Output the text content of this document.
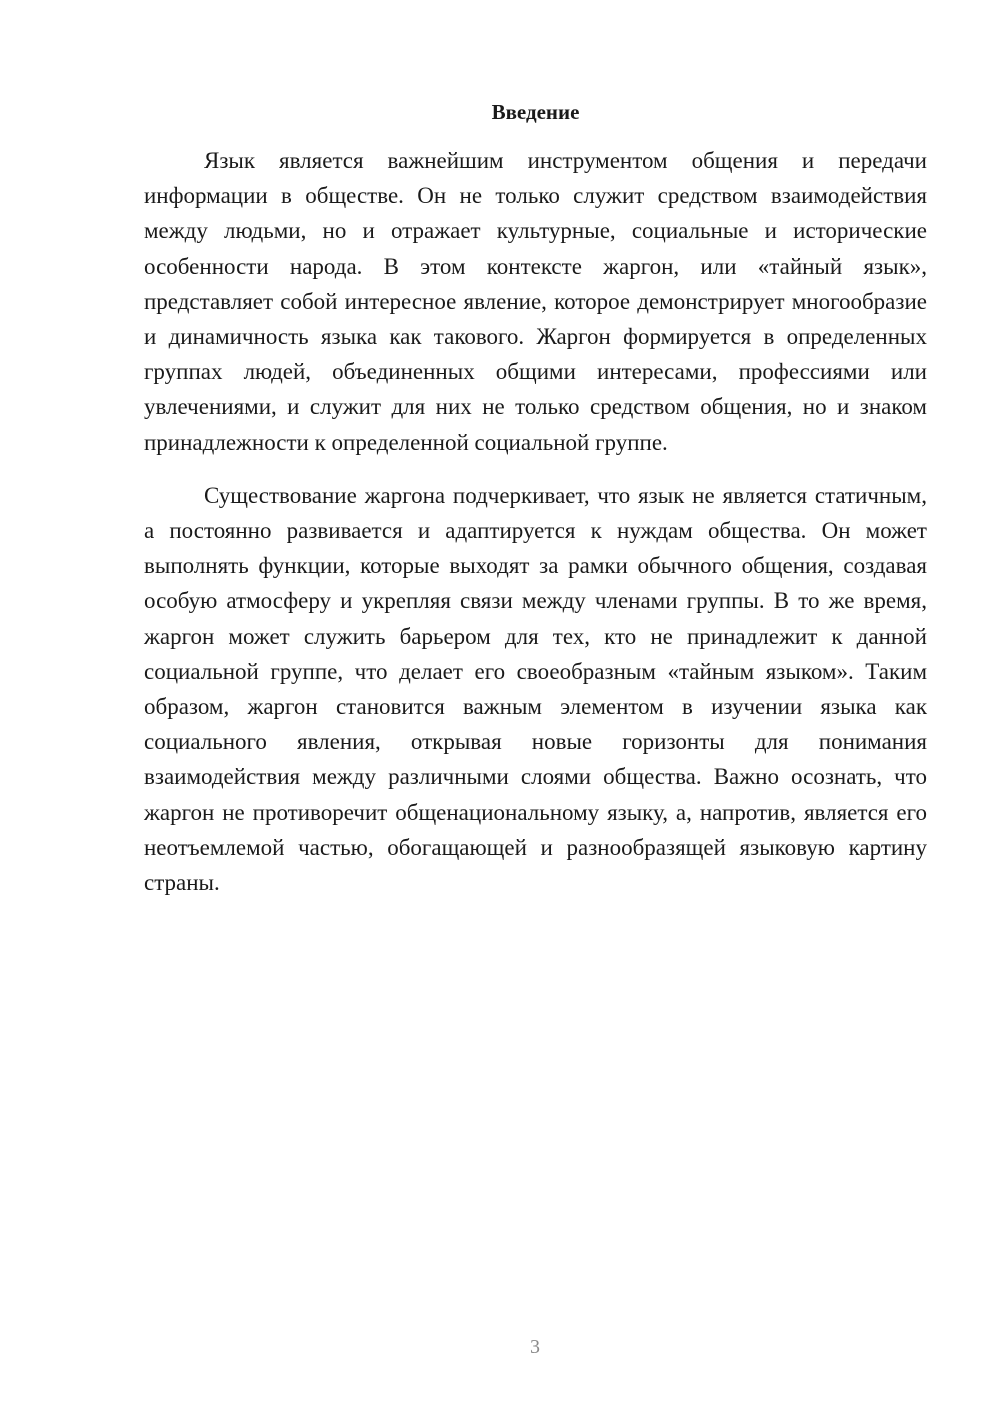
Введение

Язык является важнейшим инструментом общения и передачи информации в обществе. Он не только служит средством взаимодействия между людьми, но и отражает культурные, социальные и исторические особенности народа. В этом контексте жаргон, или «тайный язык», представляет собой интересное явление, которое демонстрирует многообразие и динамичность языка как такового. Жаргон формируется в определенных группах людей, объединенных общими интересами, профессиями или увлечениями, и служит для них не только средством общения, но и знаком принадлежности к определенной социальной группе.

Существование жаргона подчеркивает, что язык не является статичным, а постоянно развивается и адаптируется к нуждам общества. Он может выполнять функции, которые выходят за рамки обычного общения, создавая особую атмосферу и укрепляя связи между членами группы. В то же время, жаргон может служить барьером для тех, кто не принадлежит к данной социальной группе, что делает его своеобразным «тайным языком». Таким образом, жаргон становится важным элементом в изучении языка как социального явления, открывая новые горизонты для понимания взаимодействия между различными слоями общества. Важно осознать, что жаргон не противоречит общенациональному языку, а, напротив, является его неотъемлемой частью, обогащающей и разнообразящей языковую картину страны.

3
